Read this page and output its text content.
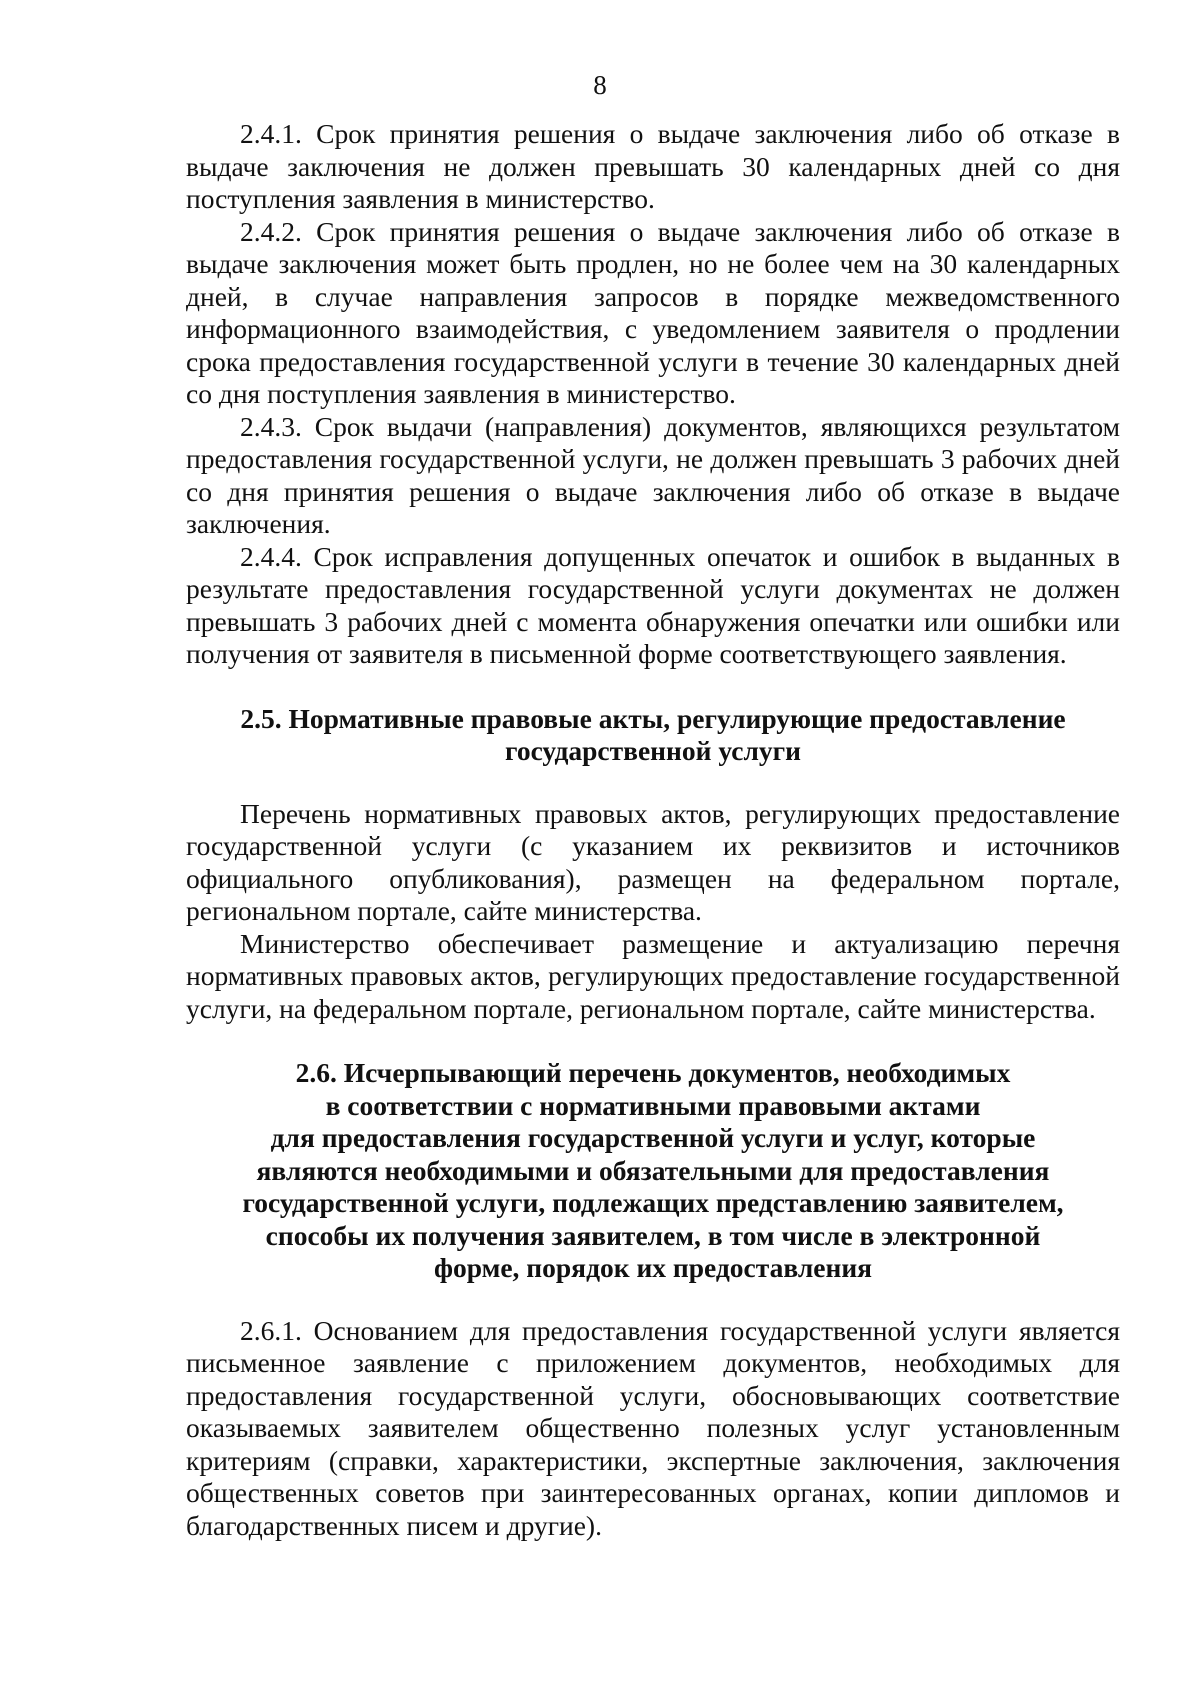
8

2.4.1. Срок принятия решения о выдаче заключения либо об отказе в выдаче заключения не должен превышать 30 календарных дней со дня поступления заявления в министерство.

2.4.2. Срок принятия решения о выдаче заключения либо об отказе в выдаче заключения может быть продлен, но не более чем на 30 календарных дней, в случае направления запросов в порядке межведомственного информационного взаимодействия, с уведомлением заявителя о продлении срока предоставления государственной услуги в течение 30 календарных дней со дня поступления заявления в министерство.

2.4.3. Срок выдачи (направления) документов, являющихся результатом предоставления государственной услуги, не должен превышать 3 рабочих дней со дня принятия решения о выдаче заключения либо об отказе в выдаче заключения.

2.4.4. Срок исправления допущенных опечаток и ошибок в выданных в результате предоставления государственной услуги документах не должен превышать 3 рабочих дней с момента обнаружения опечатки или ошибки или получения от заявителя в письменной форме соответствующего заявления.

2.5. Нормативные правовые акты, регулирующие предоставление
государственной услуги

Перечень нормативных правовых актов, регулирующих предоставление государственной услуги (с указанием их реквизитов и источников официального опубликования), размещен на федеральном портале, региональном портале, сайте министерства.

Министерство обеспечивает размещение и актуализацию перечня нормативных правовых актов, регулирующих предоставление государственной услуги, на федеральном портале, региональном портале, сайте министерства.

2.6. Исчерпывающий перечень документов, необходимых
в соответствии с нормативными правовыми актами
для предоставления государственной услуги и услуг, которые
являются необходимыми и обязательными для предоставления
государственной услуги, подлежащих представлению заявителем,
способы их получения заявителем, в том числе в электронной
форме, порядок их предоставления

2.6.1. Основанием для предоставления государственной услуги является письменное заявление с приложением документов, необходимых для предоставления государственной услуги, обосновывающих соответствие оказываемых заявителем общественно полезных услуг установленным критериям (справки, характеристики, экспертные заключения, заключения общественных советов при заинтересованных органах, копии дипломов и благодарственных писем и другие).
